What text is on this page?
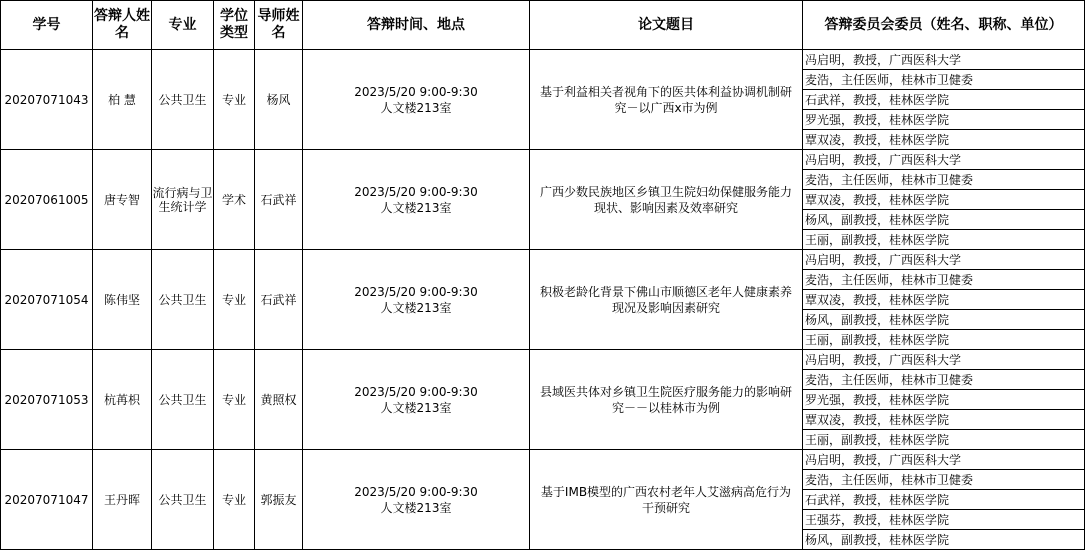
学号	答辩人姓名	专业	学位类型	导师姓名	答辩时间、地点	论文题目	答辩委员会委员（姓名、职称、单位）
20207071043	柏 慧	公共卫生	专业	杨风	2023/5/20 9:00-9:30
人文楼213室	基于利益相关者视角下的医共体利益协调机制研究－以广西x市为例	冯启明，教授，广西医科大学
							麦浩，主任医师，桂林市卫健委
							石武祥，教授，桂林医学院
							罗光强，教授，桂林医学院
							覃双凌，教授，桂林医学院
20207061005	唐专智	流行病与卫生统计学	学术	石武祥	2023/5/20 9:00-9:30
人文楼213室	广西少数民族地区乡镇卫生院妇幼保健服务能力现状、影响因素及效率研究	冯启明，教授，广西医科大学
							麦浩，主任医师，桂林市卫健委
							覃双凌，教授，桂林医学院
							杨风，副教授，桂林医学院
							王丽，副教授，桂林医学院
20207071054	陈伟坚	公共卫生	专业	石武祥	2023/5/20 9:00-9:30
人文楼213室	积极老龄化背景下佛山市顺德区老年人健康素养现况及影响因素研究	冯启明，教授，广西医科大学
							麦浩，主任医师，桂林市卫健委
							覃双凌，教授，桂林医学院
							杨风，副教授，桂林医学院
							王丽，副教授，桂林医学院
20207071053	杭苒枳	公共卫生	专业	黄照权	2023/5/20 9:00-9:30
人文楼213室	县域医共体对乡镇卫生院医疗服务能力的影响研究－－以桂林市为例	冯启明，教授，广西医科大学
							麦浩，主任医师，桂林市卫健委
							罗光强，教授，桂林医学院
							覃双凌，教授，桂林医学院
							王丽，副教授，桂林医学院
20207071047	王丹晖	公共卫生	专业	郭振友	2023/5/20 9:00-9:30
人文楼213室	基于IMB模型的广西农村老年人艾滋病高危行为干预研究	冯启明，教授，广西医科大学
							麦浩，主任医师，桂林市卫健委
							石武祥，教授，桂林医学院
							王强芬，教授，桂林医学院
							杨风，副教授，桂林医学院
